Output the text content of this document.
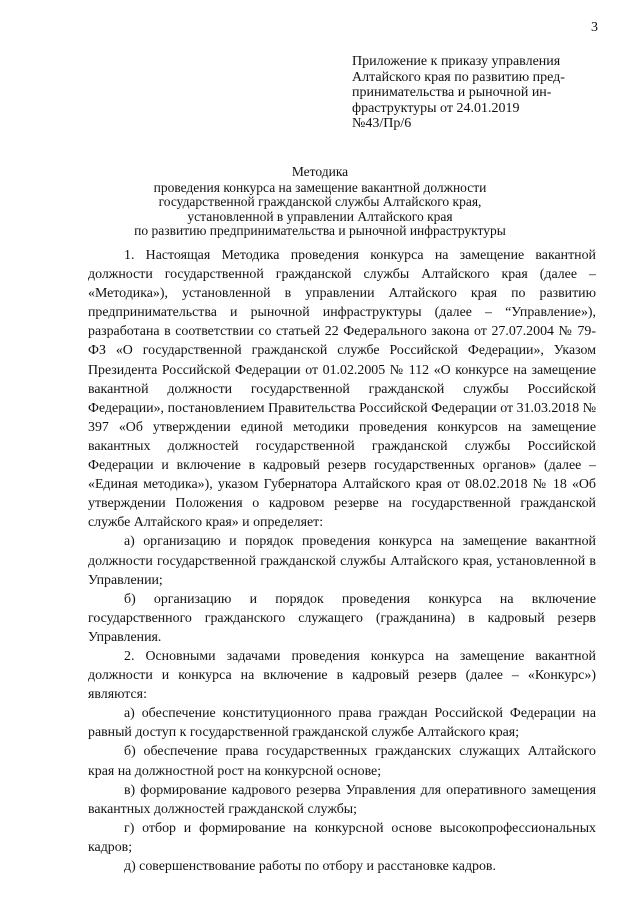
3
Приложение к приказу управления
Алтайского края по развитию пред-
принимательства и рыночной ин-
фраструктуры от 24.01.2019
№43/Пр/6
Методика
проведения конкурса на замещение вакантной должности
государственной гражданской службы Алтайского края,
установленной в управлении Алтайского края
по развитию предпринимательства и рыночной инфраструктуры

1. Настоящая Методика проведения конкурса на замещение вакантной должности государственной гражданской службы Алтайского края (далее – «Методика»), установленной в управлении Алтайского края по развитию предпринимательства и рыночной инфраструктуры (далее – “Управление»), разработана в соответствии со статьей 22 Федерального закона от 27.07.2004 № 79-ФЗ «О государственной гражданской службе Российской Федерации», Указом Президента Российской Федерации от 01.02.2005 № 112 «О конкурсе на замещение вакантной должности государственной гражданской службы Российской Федерации», постановлением Правительства Российской Федерации от 31.03.2018 № 397 «Об утверждении единой методики проведения конкурсов на замещение вакантных должностей государственной гражданской службы Российской Федерации и включение в кадровый резерв государственных органов» (далее – «Единая методика»), указом Губернатора Алтайского края от 08.02.2018 № 18 «Об утверждении Положения о кадровом резерве на государственной гражданской службе Алтайского края» и определяет:

а) организацию и порядок проведения конкурса на замещение вакантной должности государственной гражданской службы Алтайского края, установленной в Управлении;

б) организацию и порядок проведения конкурса на включение государственного гражданского служащего (гражданина) в кадровый резерв Управления.

2. Основными задачами проведения конкурса на замещение вакантной должности и конкурса на включение в кадровый резерв (далее – «Конкурс») являются:

а) обеспечение конституционного права граждан Российской Федерации на равный доступ к государственной гражданской службе Алтайского края;

б) обеспечение права государственных гражданских служащих Алтайского края на должностной рост на конкурсной основе;

в) формирование кадрового резерва Управления для оперативного замещения вакантных должностей гражданской службы;

г) отбор и формирование на конкурсной основе высокопрофессиональных кадров;

д) совершенствование работы по отбору и расстановке кадров.
